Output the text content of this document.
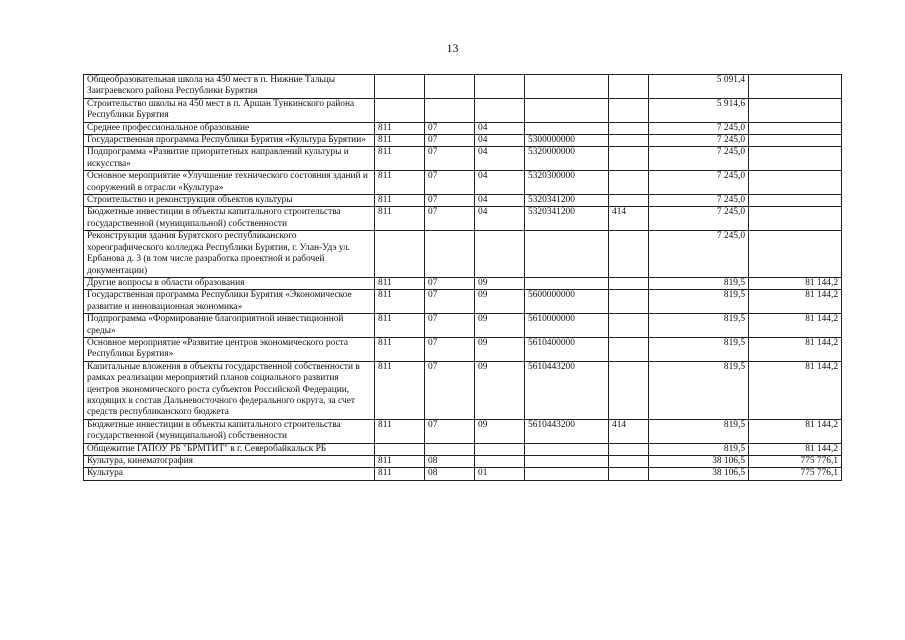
13
Общеобразовательная школа на 450 мест в п. Нижние Тальцы Заиграевского района Республики Бурятия						5 091,4	
Строительство школы на 450 мест в п. Аршан Тункинского района Республики Бурятия						5 914,6	
Среднее профессиональное образование	811	07	04			7 245,0	
Государственная программа Республики Бурятия «Культура Бурятии»	811	07	04	5300000000		7 245,0	
Подпрограмма «Развитие приоритетных направлений культуры и искусства»	811	07	04	5320000000		7 245,0	
Основное мероприятие «Улучшение технического состояния зданий и сооружений в отрасли «Культура»	811	07	04	5320300000		7 245,0	
Строительство и реконструкция объектов культуры	811	07	04	5320341200		7 245,0	
Бюджетные инвестиции в объекты капитального строительства государственной (муниципальной) собственности	811	07	04	5320341200	414	7 245,0	
Реконструкция здания Бурятского республиканского хореографического колледжа Республики Бурятия, г. Улан-Удэ ул. Ербанова д. 3 (в том числе разработка проектной и рабочей документации)						7 245,0	
Другие вопросы в области образования	811	07	09			819,5	81 144,2
Государственная программа Республики Бурятия «Экономическое развитие и инновационная экономика»	811	07	09	5600000000		819,5	81 144,2
Подпрограмма «Формирование благоприятной инвестиционной среды»	811	07	09	5610000000		819,5	81 144,2
Основное мероприятие «Развитие центров экономического роста Республики Бурятия»	811	07	09	5610400000		819,5	81 144,2
Капитальные вложения в объекты государственной собственности в рамках реализации мероприятий планов социального развития центров экономического роста субъектов Российской Федерации, входящих в состав Дальневосточного федерального округа, за счет средств республиканского бюджета	811	07	09	5610443200		819,5	81 144,2
Бюджетные инвестиции в объекты капитального строительства государственной (муниципальной) собственности	811	07	09	5610443200	414	819,5	81 144,2
Общежитие ГАПОУ РБ "БРМТИТ" в г. Северобайкальск РБ						819,5	81 144,2
Культура, кинематография	811	08				38 106,5	775 776,1
Культура	811	08	01			38 106,5	775 776,1
